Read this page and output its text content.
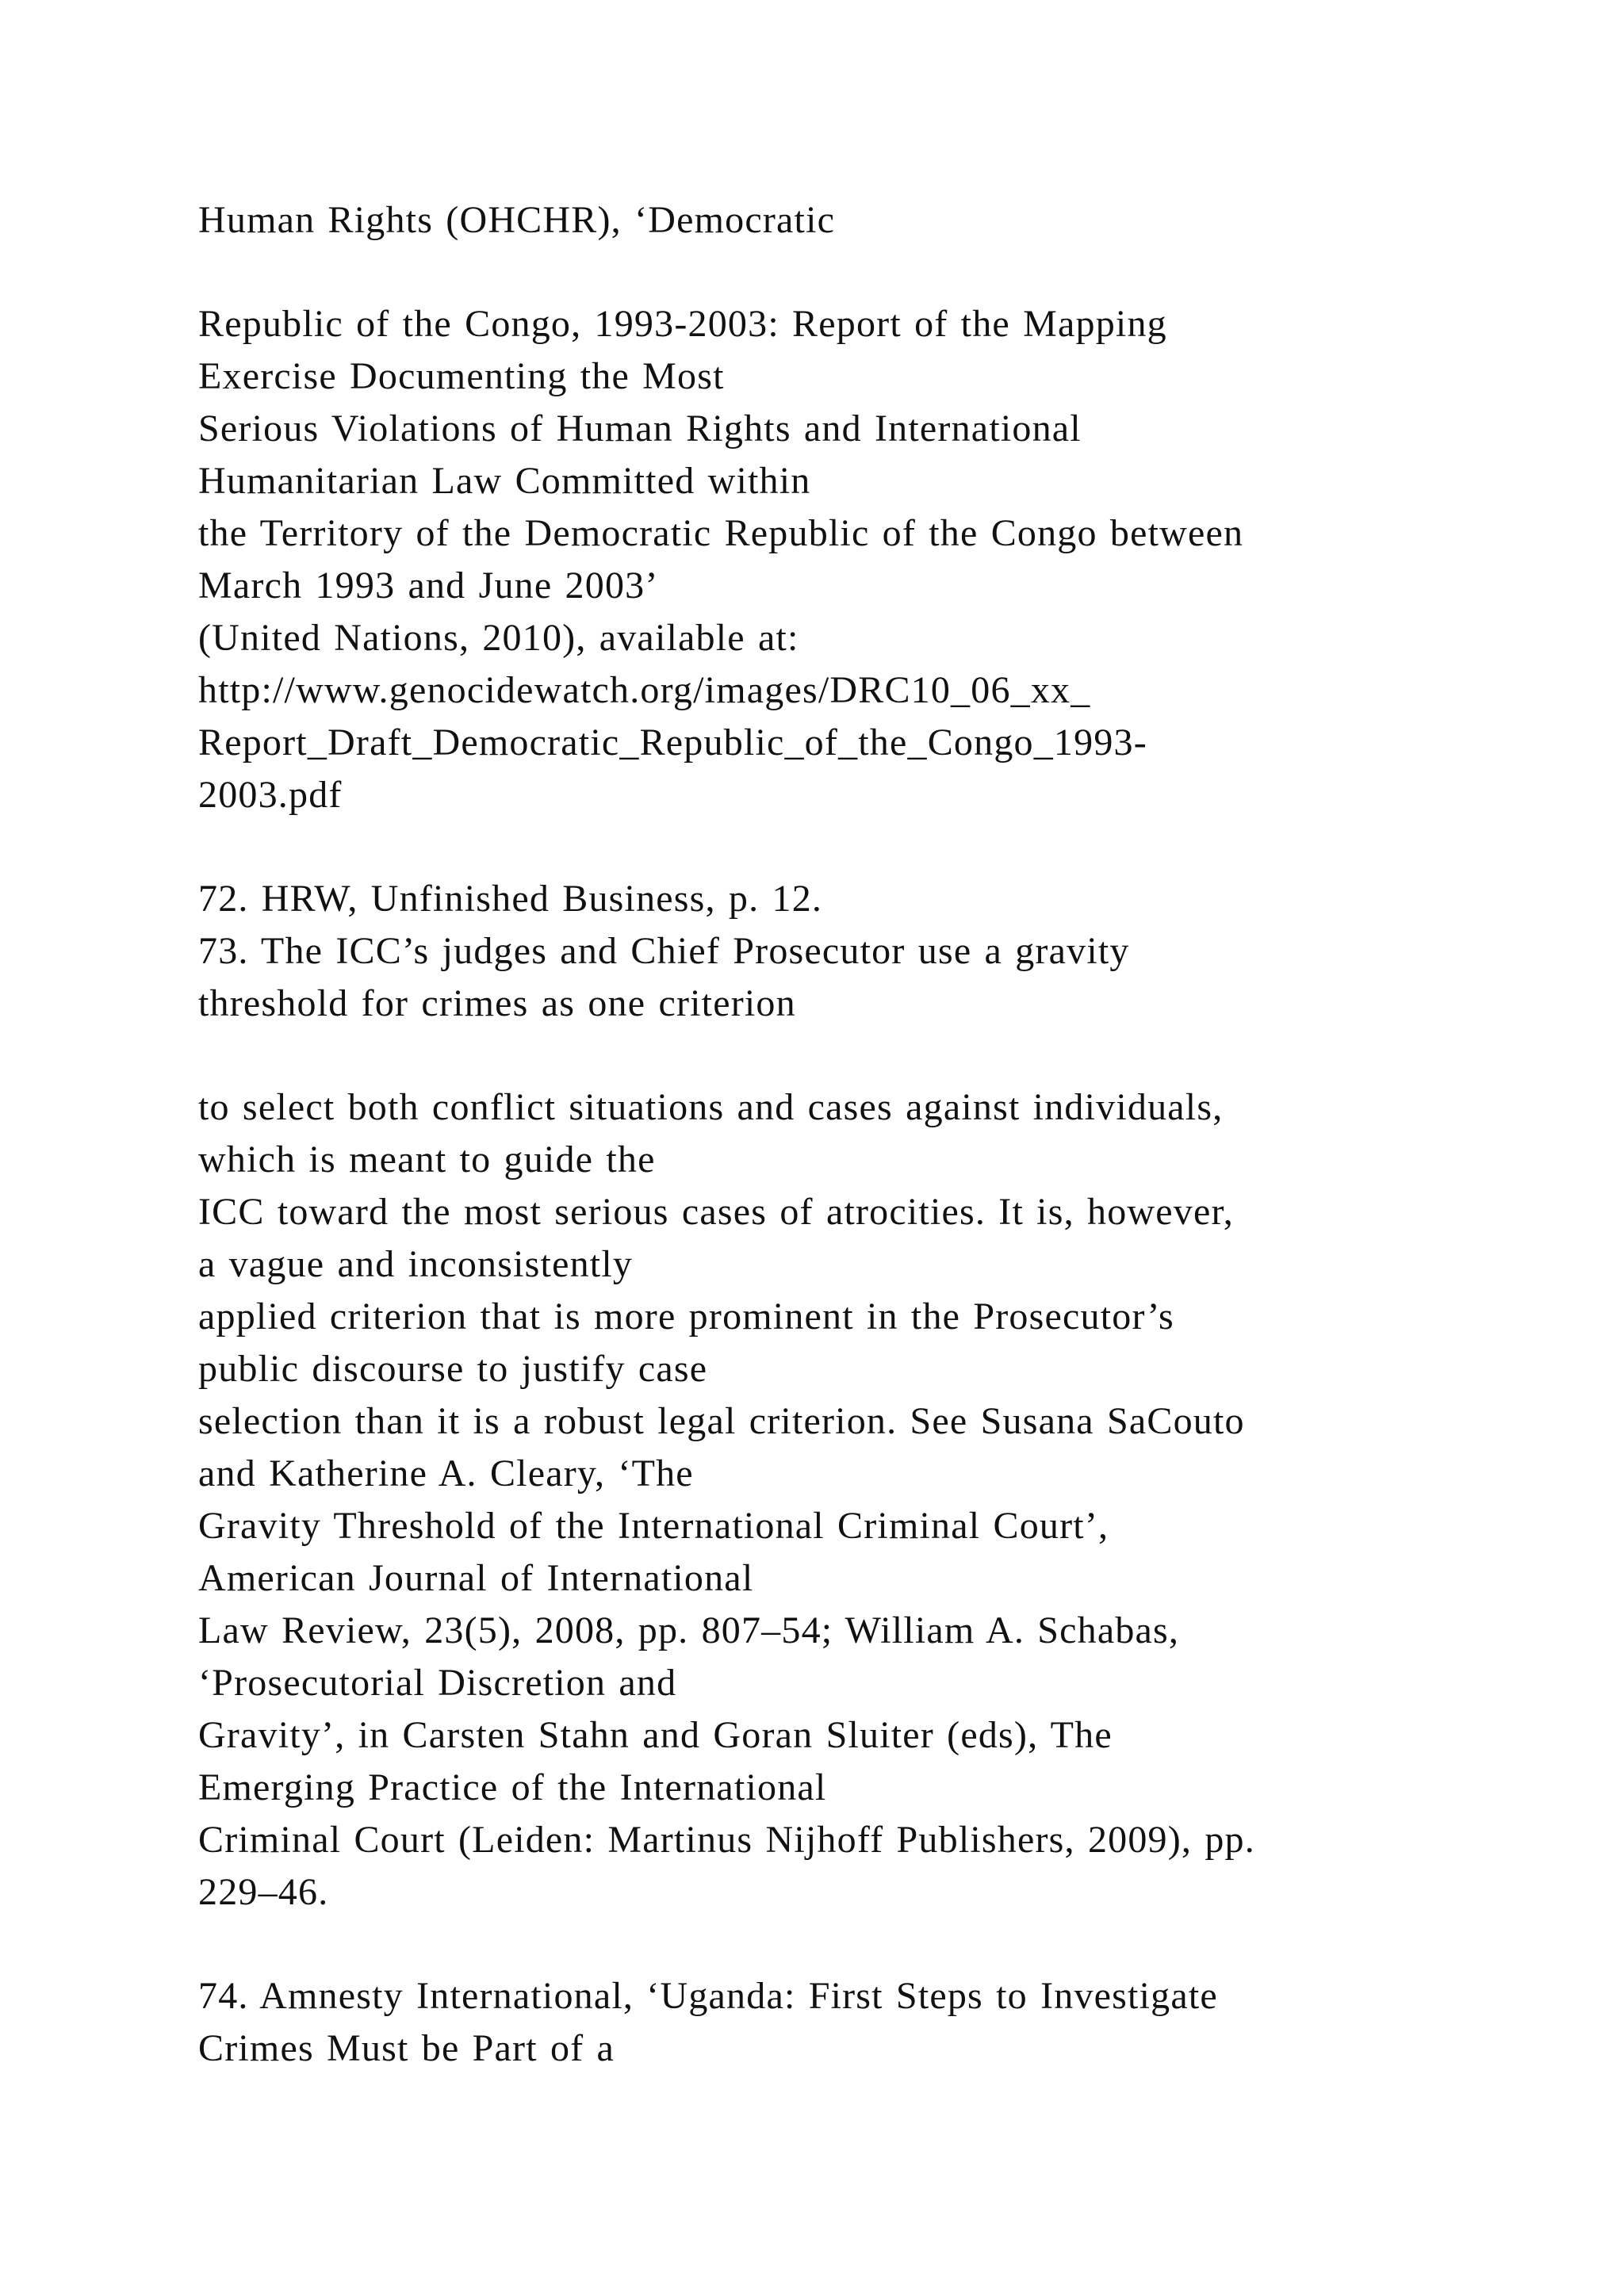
Human Rights (OHCHR), ‘Democratic

Republic of the Congo, 1993-2003: Report of the Mapping

Exercise Documenting the Most

Serious Violations of Human Rights and International

Humanitarian Law Committed within

the Territory of the Democratic Republic of the Congo between

March 1993 and June 2003’

(United Nations, 2010), available at:

http://www.genocidewatch.org/images/DRC10_06_xx_

Report_Draft_Democratic_Republic_of_the_Congo_1993-

2003.pdf

72. HRW, Unfinished Business, p. 12.

73. The ICC’s judges and Chief Prosecutor use a gravity

threshold for crimes as one criterion

to select both conflict situations and cases against individuals,

which is meant to guide the

ICC toward the most serious cases of atrocities. It is, however,

a vague and inconsistently

applied criterion that is more prominent in the Prosecutor’s

public discourse to justify case

selection than it is a robust legal criterion. See Susana SaCouto

and Katherine A. Cleary, ‘The

Gravity Threshold of the International Criminal Court’,

American Journal of International

Law Review, 23(5), 2008, pp. 807–54; William A. Schabas,

‘Prosecutorial Discretion and

Gravity’, in Carsten Stahn and Goran Sluiter (eds), The

Emerging Practice of the International

Criminal Court (Leiden: Martinus Nijhoff Publishers, 2009), pp.

229–46.

74. Amnesty International, ‘Uganda: First Steps to Investigate

Crimes Must be Part of a
